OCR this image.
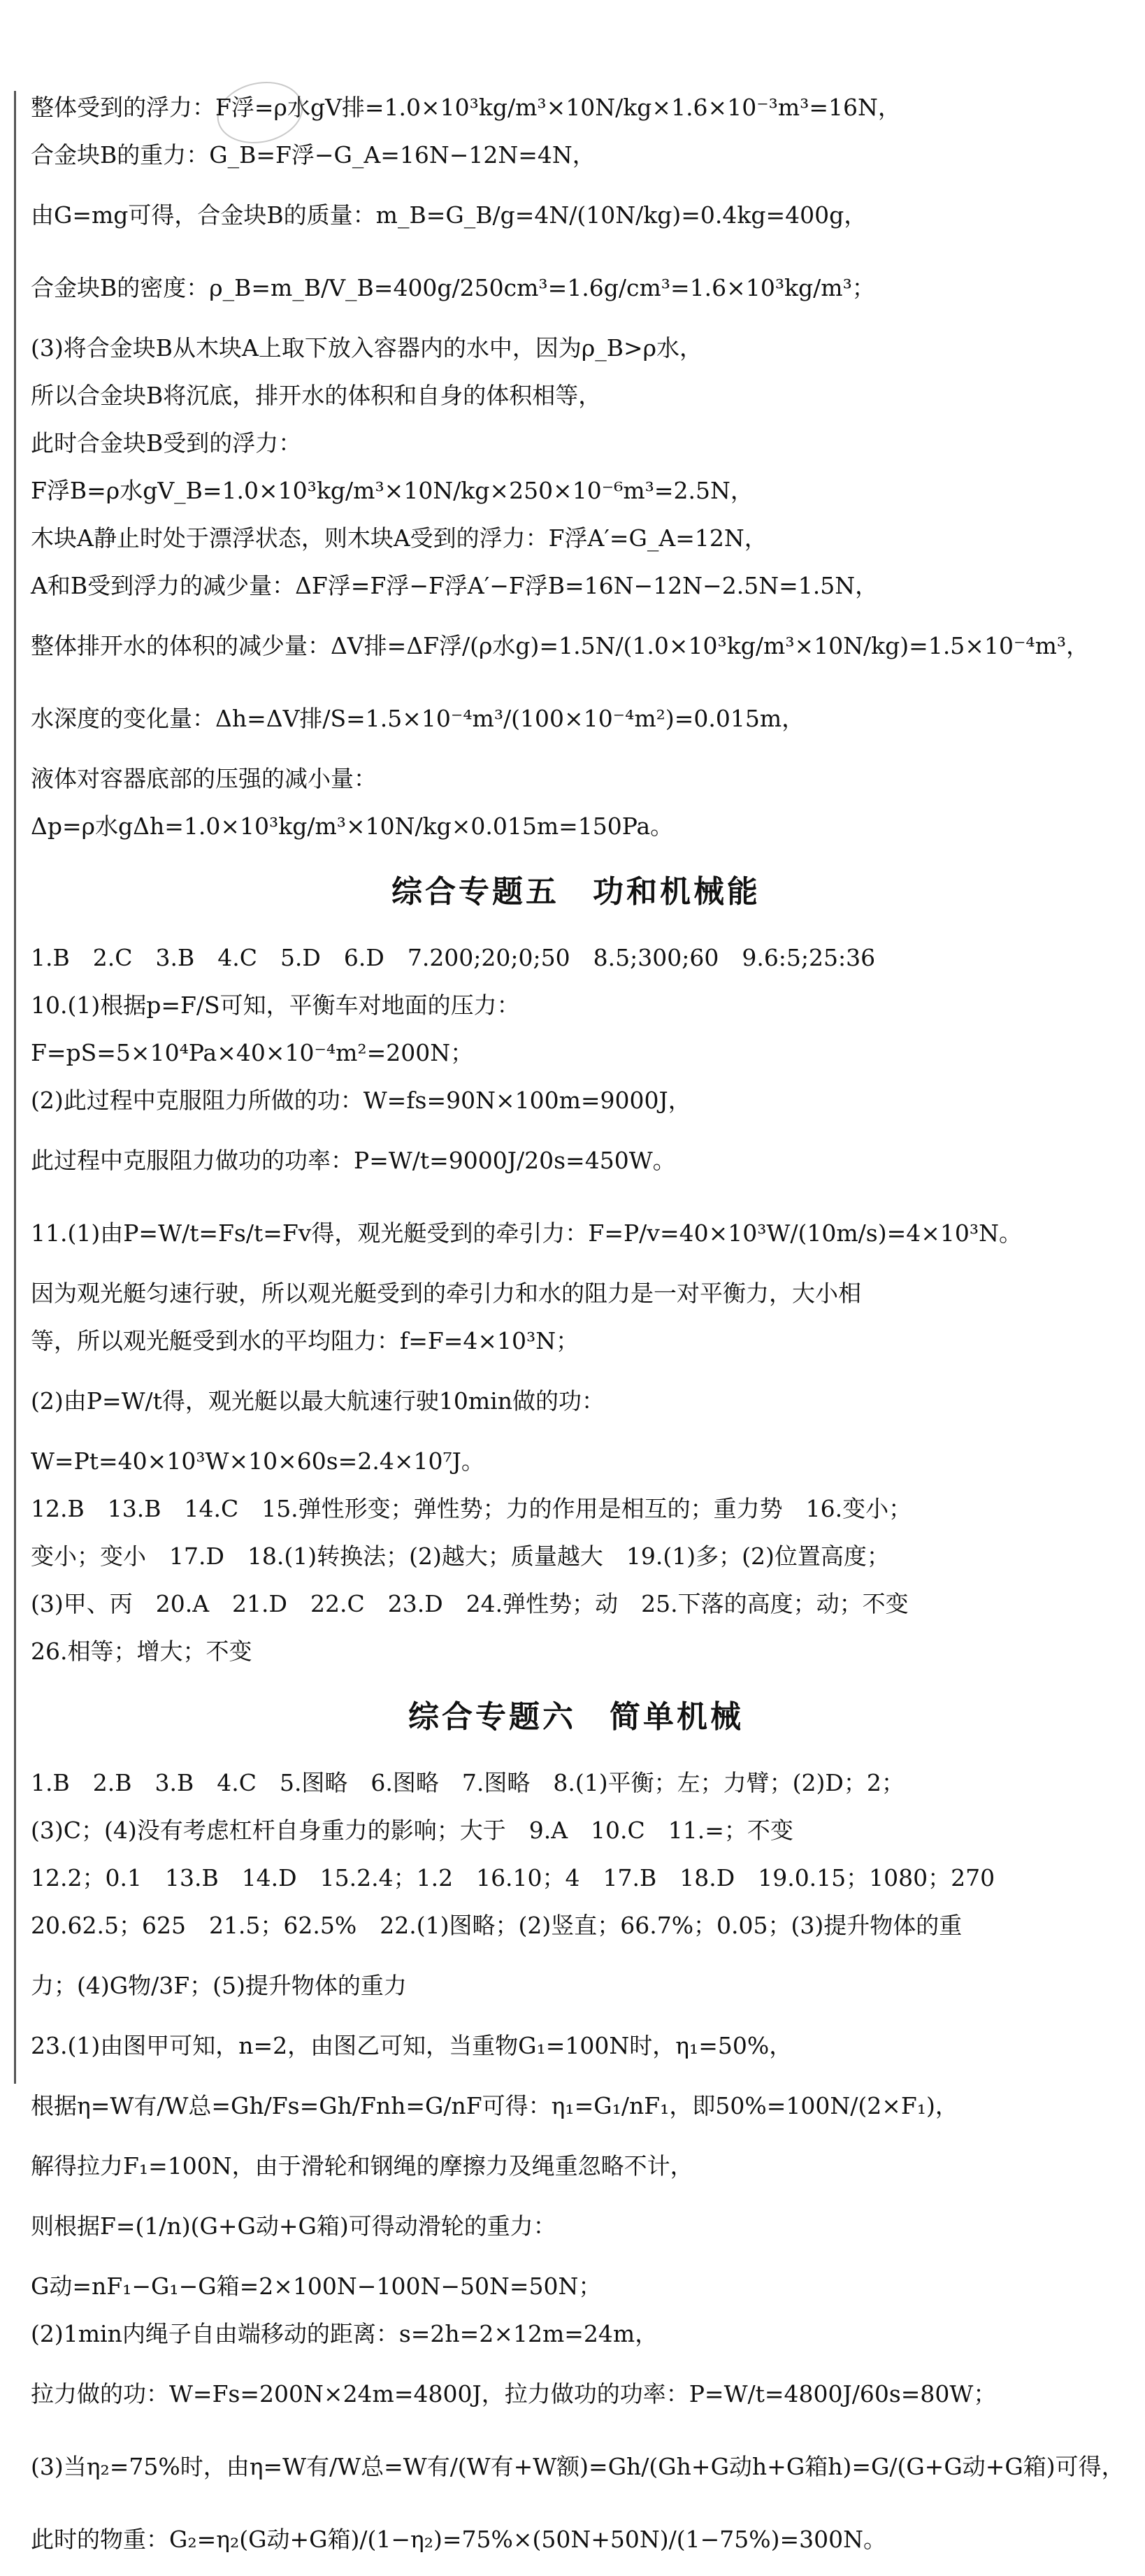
整体受到的浮力：F浮=ρ水gV排=1.0×10³kg/m³×10N/kg×1.6×10⁻³m³=16N，
合金块B的重力：G_B=F浮−G_A=16N−12N=4N，
由G=mg可得，合金块B的质量：m_B=G_B/g=4N/(10N/kg)=0.4kg=400g，
合金块B的密度：ρ_B=m_B/V_B=400g/250cm³=1.6g/cm³=1.6×10³kg/m³；
(3)将合金块B从木块A上取下放入容器内的水中，因为ρ_B>ρ水，
所以合金块B将沉底，排开水的体积和自身的体积相等，
此时合金块B受到的浮力：
F浮B=ρ水gV_B=1.0×10³kg/m³×10N/kg×250×10⁻⁶m³=2.5N，
木块A静止时处于漂浮状态，则木块A受到的浮力：F浮A′=G_A=12N，
A和B受到浮力的减少量：ΔF浮=F浮−F浮A′−F浮B=16N−12N−2.5N=1.5N，
整体排开水的体积的减少量：ΔV排=ΔF浮/(ρ水g)=1.5N/(1.0×10³kg/m³×10N/kg)=1.5×10⁻⁴m³，
水深度的变化量：Δh=ΔV排/S=1.5×10⁻⁴m³/(100×10⁻⁴m²)=0.015m，
液体对容器底部的压强的减小量：
Δp=ρ水gΔh=1.0×10³kg/m³×10N/kg×0.015m=150Pa。
综合专题五　功和机械能
1.B　2.C　3.B　4.C　5.D　6.D　7.200;20;0;50　8.5;300;60　9.6:5;25:36
10.(1)根据p=F/S可知，平衡车对地面的压力：
F=pS=5×10⁴Pa×40×10⁻⁴m²=200N；
(2)此过程中克服阻力所做的功：W=fs=90N×100m=9000J，
此过程中克服阻力做功的功率：P=W/t=9000J/20s=450W。
11.(1)由P=W/t=Fs/t=Fv得，观光艇受到的牵引力：F=P/v=40×10³W/(10m/s)=4×10³N。
因为观光艇匀速行驶，所以观光艇受到的牵引力和水的阻力是一对平衡力，大小相
等，所以观光艇受到水的平均阻力：f=F=4×10³N；
(2)由P=W/t得，观光艇以最大航速行驶10min做的功：
W=Pt=40×10³W×10×60s=2.4×10⁷J。
12.B　13.B　14.C　15.弹性形变；弹性势；力的作用是相互的；重力势　16.变小；
变小；变小　17.D　18.(1)转换法；(2)越大；质量越大　19.(1)多；(2)位置高度；
(3)甲、丙　20.A　21.D　22.C　23.D　24.弹性势；动　25.下落的高度；动；不变
26.相等；增大；不变
综合专题六　简单机械
1.B　2.B　3.B　4.C　5.图略　6.图略　7.图略　8.(1)平衡；左；力臂；(2)D；2；
(3)C；(4)没有考虑杠杆自身重力的影响；大于　9.A　10.C　11.=；不变
12.2；0.1　13.B　14.D　15.2.4；1.2　16.10；4　17.B　18.D　19.0.15；1080；270
20.62.5；625　21.5；62.5%　22.(1)图略；(2)竖直；66.7%；0.05；(3)提升物体的重
力；(4)G物/3F；(5)提升物体的重力
23.(1)由图甲可知，n=2，由图乙可知，当重物G₁=100N时，η₁=50%，
根据η=W有/W总=Gh/Fs=Gh/Fnh=G/nF可得：η₁=G₁/nF₁，即50%=100N/(2×F₁)，
解得拉力F₁=100N，由于滑轮和钢绳的摩擦力及绳重忽略不计，
则根据F=(1/n)(G+G动+G箱)可得动滑轮的重力：
G动=nF₁−G₁−G箱=2×100N−100N−50N=50N；
(2)1min内绳子自由端移动的距离：s=2h=2×12m=24m，
拉力做的功：W=Fs=200N×24m=4800J，拉力做功的功率：P=W/t=4800J/60s=80W；
(3)当η₂=75%时，由η=W有/W总=W有/(W有+W额)=Gh/(Gh+G动h+G箱h)=G/(G+G动+G箱)可得，
此时的物重：G₂=η₂(G动+G箱)/(1−η₂)=75%×(50N+50N)/(1−75%)=300N。
